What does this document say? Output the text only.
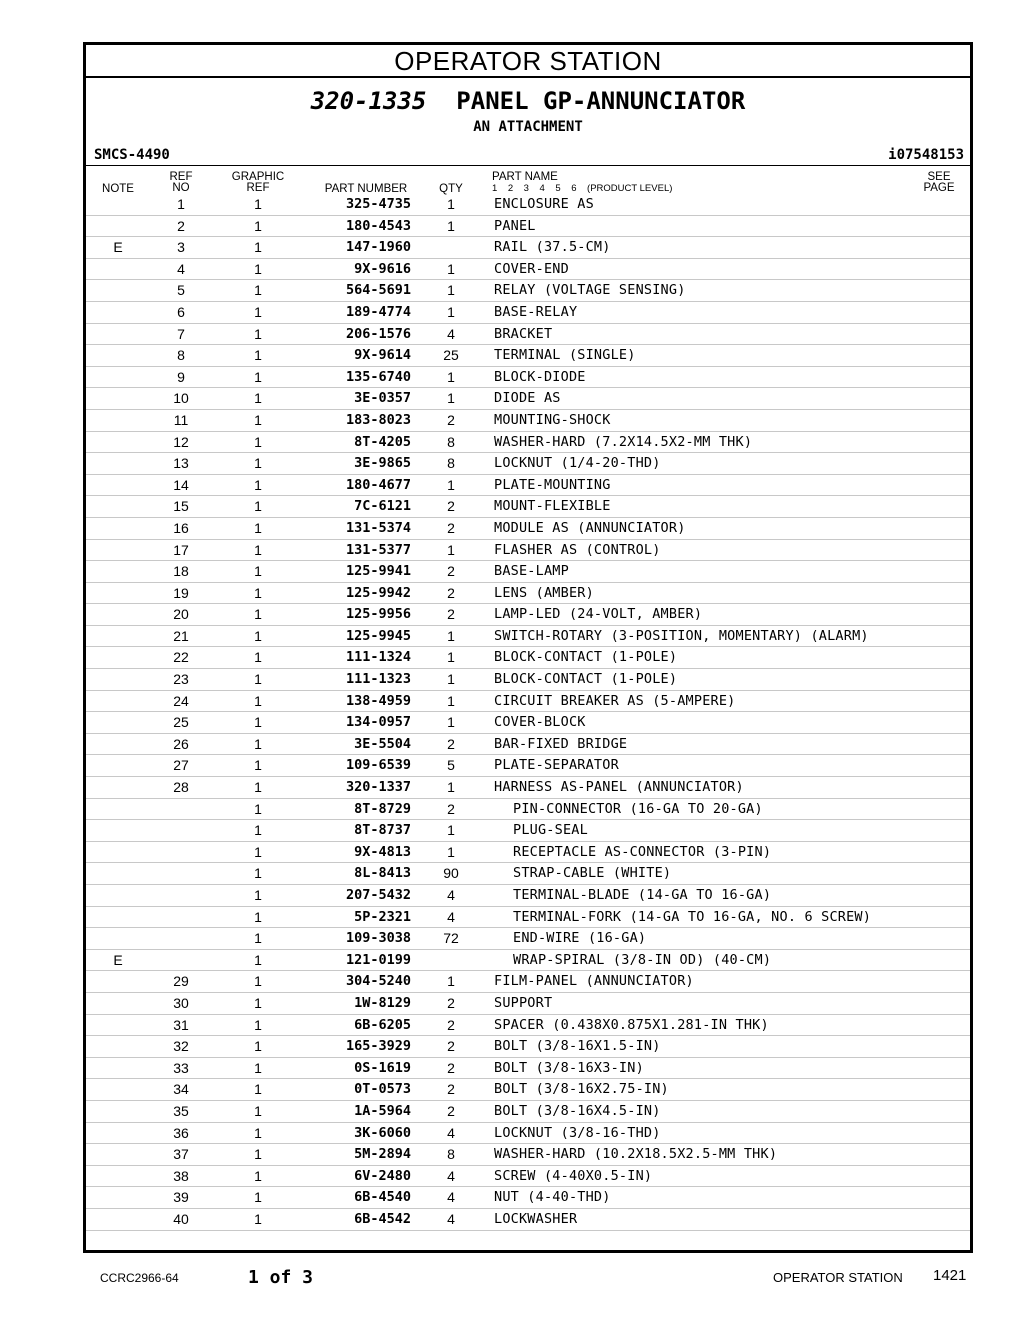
OPERATOR STATION
320-1335 PANEL GP-ANNUNCIATOR
AN ATTACHMENT
SMCS-4490	i07548153
NOTE
REF
NO
GRAPHIC
REF	PART NUMBER	QTY
PART NAME
1    2    3    4    5    6    (PRODUCT LEVEL)
SEE
PAGE
1	1	325-4735	1	ENCLOSURE AS
2	1	180-4543	1	PANEL
E	3	1	147-1960	RAIL (37.5-CM)
4	1	9X-9616	1	COVER-END
5	1	564-5691	1	RELAY (VOLTAGE SENSING)
6	1	189-4774	1	BASE-RELAY
7	1	206-1576	4	BRACKET
8	1	9X-9614	25	TERMINAL (SINGLE)
9	1	135-6740	1	BLOCK-DIODE
10	1	3E-0357	1	DIODE AS
11	1	183-8023	2	MOUNTING-SHOCK
12	1	8T-4205	8	WASHER-HARD (7.2X14.5X2-MM THK)
13	1	3E-9865	8	LOCKNUT (1/4-20-THD)
14	1	180-4677	1	PLATE-MOUNTING
15	1	7C-6121	2	MOUNT-FLEXIBLE
16	1	131-5374	2	MODULE AS (ANNUNCIATOR)
17	1	131-5377	1	FLASHER AS (CONTROL)
18	1	125-9941	2	BASE-LAMP
19	1	125-9942	2	LENS (AMBER)
20	1	125-9956	2	LAMP-LED (24-VOLT, AMBER)
21	1	125-9945	1	SWITCH-ROTARY (3-POSITION, MOMENTARY) (ALARM)
22	1	111-1324	1	BLOCK-CONTACT (1-POLE)
23	1	111-1323	1	BLOCK-CONTACT (1-POLE)
24	1	138-4959	1	CIRCUIT BREAKER AS (5-AMPERE)
25	1	134-0957	1	COVER-BLOCK
26	1	3E-5504	2	BAR-FIXED BRIDGE
27	1	109-6539	5	PLATE-SEPARATOR
28	1	320-1337	1	HARNESS AS-PANEL (ANNUNCIATOR)
1	8T-8729	2	PIN-CONNECTOR (16-GA TO 20-GA)
1	8T-8737	1	PLUG-SEAL
1	9X-4813	1	RECEPTACLE AS-CONNECTOR (3-PIN)
1	8L-8413	90	STRAP-CABLE (WHITE)
1	207-5432	4	TERMINAL-BLADE (14-GA TO 16-GA)
1	5P-2321	4	TERMINAL-FORK (14-GA TO 16-GA, NO. 6 SCREW)
1	109-3038	72	END-WIRE (16-GA)
E	1	121-0199	WRAP-SPIRAL (3/8-IN OD) (40-CM)
29	1	304-5240	1	FILM-PANEL (ANNUNCIATOR)
30	1	1W-8129	2	SUPPORT
31	1	6B-6205	2	SPACER (0.438X0.875X1.281-IN THK)
32	1	165-3929	2	BOLT (3/8-16X1.5-IN)
33	1	0S-1619	2	BOLT (3/8-16X3-IN)
34	1	0T-0573	2	BOLT (3/8-16X2.75-IN)
35	1	1A-5964	2	BOLT (3/8-16X4.5-IN)
36	1	3K-6060	4	LOCKNUT (3/8-16-THD)
37	1	5M-2894	8	WASHER-HARD (10.2X18.5X2.5-MM THK)
38	1	6V-2480	4	SCREW (4-40X0.5-IN)
39	1	6B-4540	4	NUT (4-40-THD)
40	1	6B-4542	4	LOCKWASHER
CCRC2966-64	1 of 3	OPERATOR STATION 1421
